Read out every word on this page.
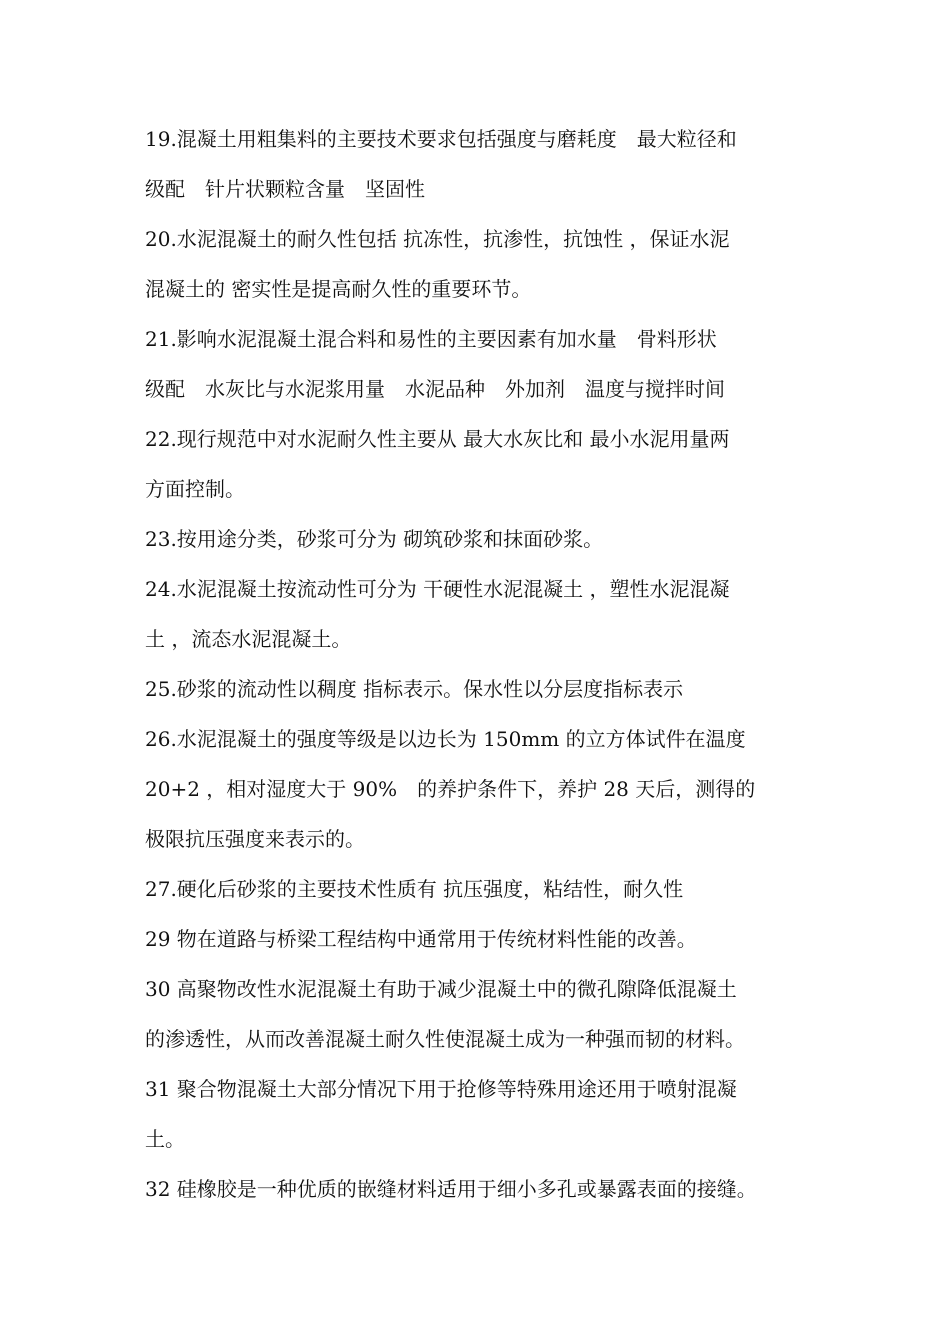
19.混凝土用粗集料的主要技术要求包括强度与磨耗度　最大粒径和
级配　针片状颗粒含量　坚固性
20.水泥混凝土的耐久性包括 抗冻性，抗渗性，抗蚀性 ，保证水泥
混凝土的 密实性是提高耐久性的重要环节。
21.影响水泥混凝土混合料和易性的主要因素有加水量　骨料形状
级配　水灰比与水泥浆用量　水泥品种　外加剂　温度与搅拌时间
22.现行规范中对水泥耐久性主要从 最大水灰比和 最小水泥用量两
方面控制。
23.按用途分类，砂浆可分为 砌筑砂浆和抹面砂浆。
24.水泥混凝土按流动性可分为 干硬性水泥混凝土 ，塑性水泥混凝
土 ，流态水泥混凝土。
25.砂浆的流动性以稠度 指标表示。保水性以分层度指标表示
26.水泥混凝土的强度等级是以边长为 150mm 的立方体试件在温度
20+2 ，相对湿度大于 90%　的养护条件下，养护 28 天后，测得的
极限抗压强度来表示的。
27.硬化后砂浆的主要技术性质有 抗压强度，粘结性，耐久性
29 物在道路与桥梁工程结构中通常用于传统材料性能的改善。
30 高聚物改性水泥混凝土有助于减少混凝土中的微孔隙降低混凝土
的渗透性，从而改善混凝土耐久性使混凝土成为一种强而韧的材料。
31 聚合物混凝土大部分情况下用于抢修等特殊用途还用于喷射混凝
土。
32 硅橡胶是一种优质的嵌缝材料适用于细小多孔或暴露表面的接缝。
